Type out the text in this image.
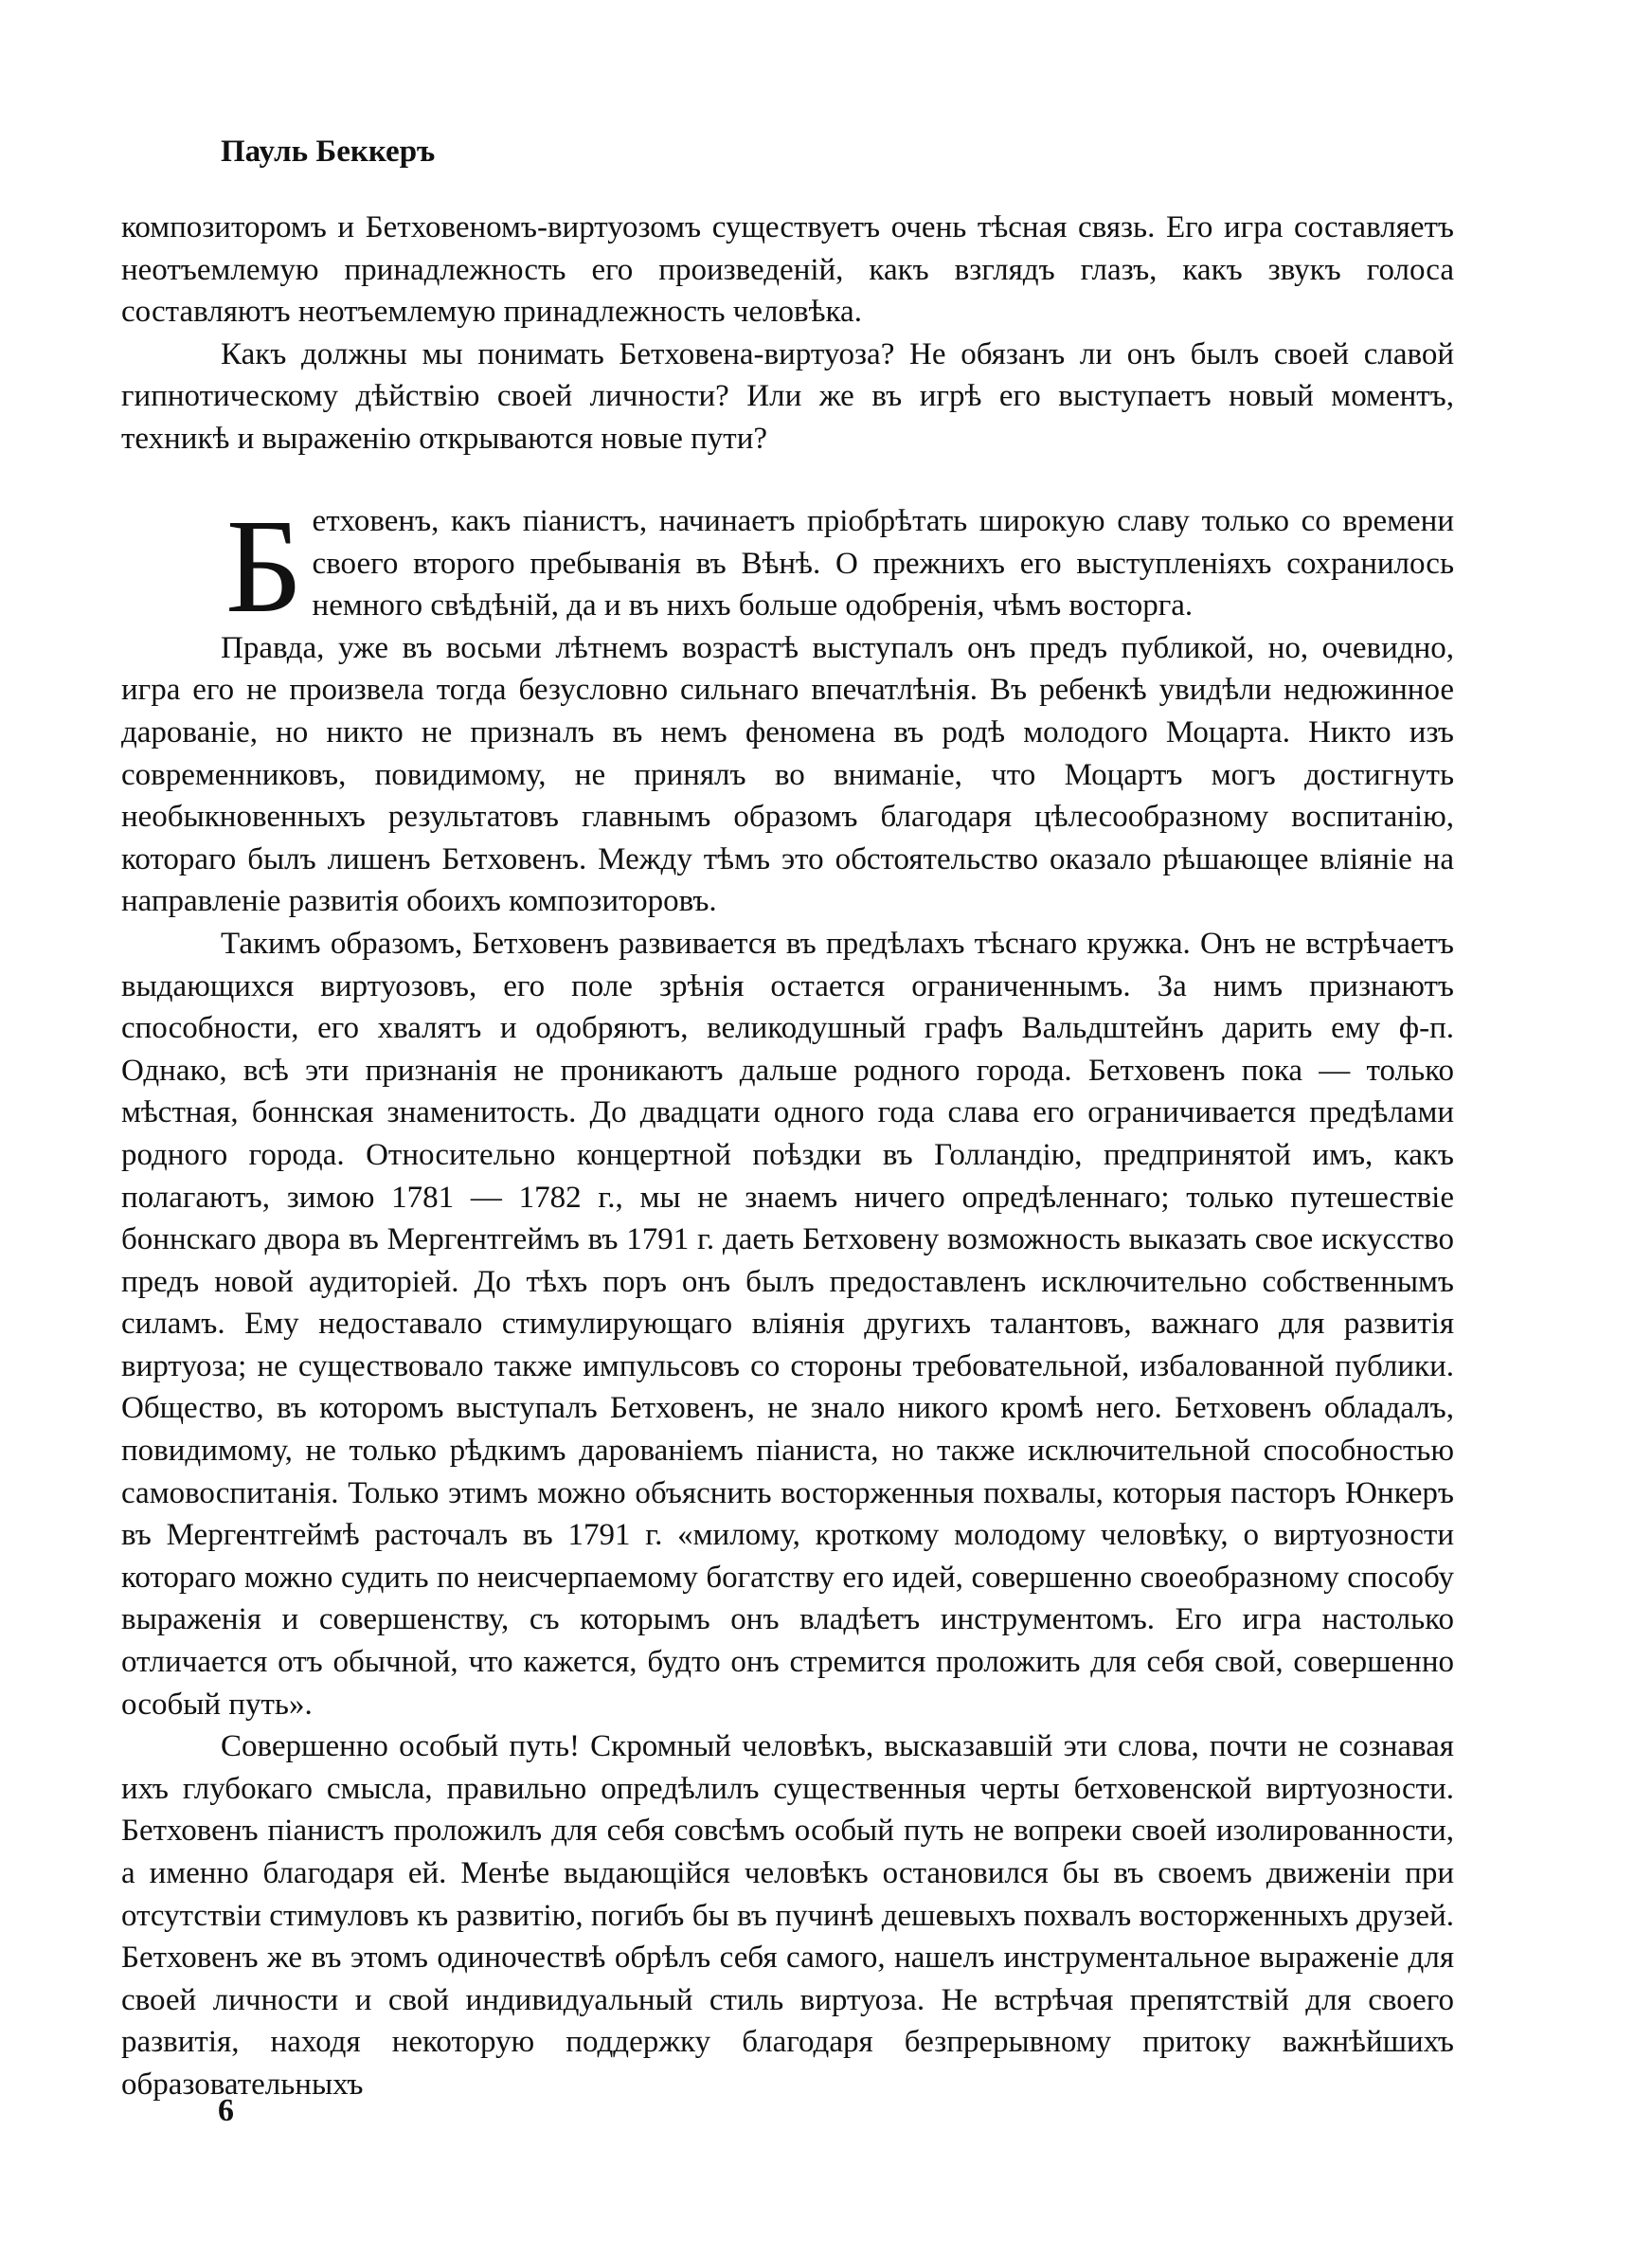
Пауль Беккеръ

композиторомъ и Бетховеномъ-виртуозомъ существуетъ очень тѣсная связь. Его игра составляетъ неотъемлемую принадлежность его произведеній, какъ взглядъ глазъ, какъ звукъ голоса составляютъ неотъемлемую принадлежность человѣка.

Какъ должны мы понимать Бетховена-виртуоза? Не обязанъ ли онъ былъ своей славой гипнотическому дѣйствію своей личности? Или же въ игрѣ его выступаетъ новый моментъ, техникѣ и выраженію открываются новые пути?

Бетховенъ, какъ піанистъ, начинаетъ пріобрѣтать широкую славу только со времени своего второго пребыванія въ Вѣнѣ. О прежнихъ его выступленіяхъ сохранилось немного свѣдѣній, да и въ нихъ больше одобренія, чѣмъ восторга.

Правда, уже въ восьми лѣтнемъ возрастѣ выступалъ онъ предъ публикой, но, очевидно, игра его не произвела тогда безусловно сильнаго впечатлѣнія. Въ ребенкѣ увидѣли недюжинное дарованіе, но никто не призналъ въ немъ феномена въ родѣ молодого Моцарта. Никто изъ современниковъ, повидимому, не принялъ во вниманіе, что Моцартъ могъ достигнуть необыкновенныхъ результатовъ главнымъ образомъ благодаря цѣлесообразному воспитанію, котораго былъ лишенъ Бетховенъ. Между тѣмъ это обстоятельство оказало рѣшающее вліяніе на направленіе развитія обоихъ композиторовъ.

Такимъ образомъ, Бетховенъ развивается въ предѣлахъ тѣснаго кружка. Онъ не встрѣчаетъ выдающихся виртуозовъ, его поле зрѣнія остается ограниченнымъ. За нимъ признаютъ способности, его хвалятъ и одобряютъ, великодушный графъ Вальдштейнъ дарить ему ф-п. Однако, всѣ эти признанія не проникаютъ дальше родного города. Бетховенъ пока — только мѣстная, боннская знаменитость. До двадцати одного года слава его ограничивается предѣлами родного города. Относительно концертной поѣздки въ Голландію, предпринятой имъ, какъ полагаютъ, зимою 1781 — 1782 г., мы не знаемъ ничего опредѣленнаго; только путешествіе боннскаго двора въ Мергентгеймъ въ 1791 г. даеть Бетховену возможность выказать свое искусство предъ новой аудиторіей. До тѣхъ поръ онъ былъ предоставленъ исключительно собственнымъ силамъ. Ему недоставало стимулирующаго вліянія другихъ талантовъ, важнаго для развитія виртуоза; не существовало также импульсовъ со стороны требовательной, избалованной публики. Общество, въ которомъ выступалъ Бетховенъ, не знало никого кромѣ него. Бетховенъ обладалъ, повидимому, не только рѣдкимъ дарованіемъ піаниста, но также исключительной способностью самовоспитанія. Только этимъ можно объяснить восторженныя похвалы, которыя пасторъ Юнкеръ въ Мергентгеймѣ расточалъ въ 1791 г. «милому, кроткому молодому человѣку, о виртуозности котораго можно судить по неисчерпаемому богатству его идей, совершенно своеобразному способу выраженія и совершенству, съ которымъ онъ владѣетъ инструментомъ. Его игра настолько отличается отъ обычной, что кажется, будто онъ стремится проложить для себя свой, совершенно особый путь».

Совершенно особый путь! Скромный человѣкъ, высказавшій эти слова, почти не сознавая ихъ глубокаго смысла, правильно опредѣлилъ существенныя черты бетховенской виртуозности. Бетховенъ піанистъ проложилъ для себя совсѣмъ особый путь не вопреки своей изолированности, а именно благодаря ей. Менѣе выдающійся человѣкъ остановился бы въ своемъ движеніи при отсутствіи стимуловъ къ развитію, погибъ бы въ пучинѣ дешевыхъ похвалъ восторженныхъ друзей. Бетховенъ же въ этомъ одиночествѣ обрѣлъ себя самого, нашелъ инструментальное выраженіе для своей личности и свой индивидуальный стиль виртуоза. Не встрѣчая препятствій для своего развитія, находя некоторую поддержку благодаря безпрерывному притоку важнѣйшихъ образовательныхъ

6
